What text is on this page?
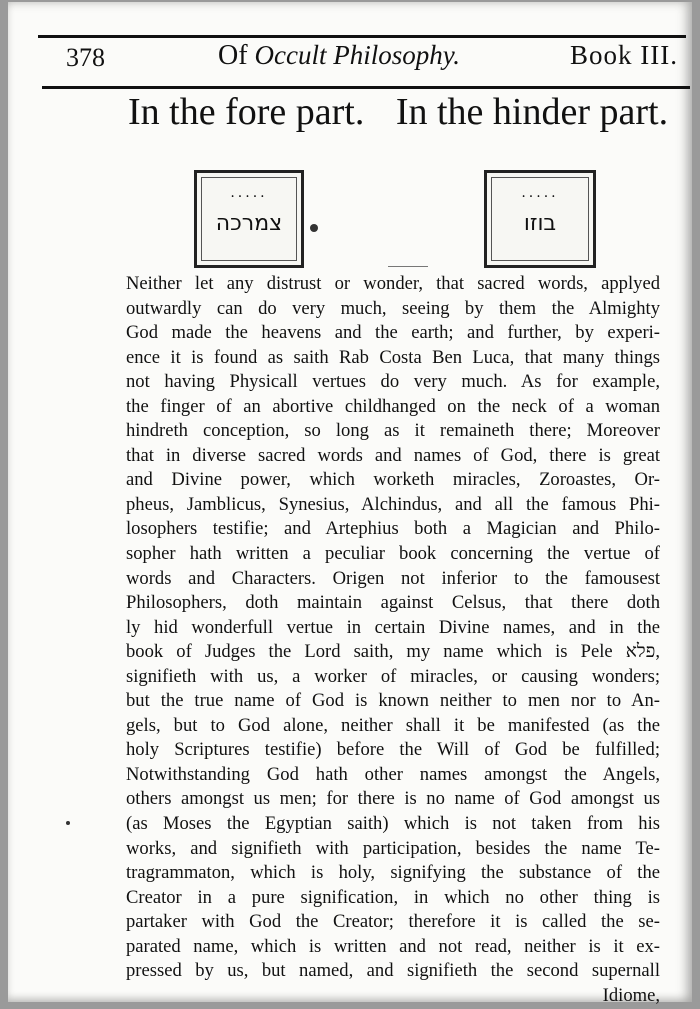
378	Of Occult Philosophy.	Book III.
In the fore part. In the hinder part.
.....
צמרכה
.....
בוזו
Neither let any distrust or wonder, that sacred words, applyed
outwardly can do very much, seeing by them the Almighty
God made the heavens and the earth; and further, by experi-
ence it is found as saith Rab Costa Ben Luca, that many things
not having Physicall vertues do very much. As for example,
the finger of an abortive childhanged on the neck of a woman
hindreth conception, so long as it remaineth there; Moreover
that in diverse sacred words and names of God, there is great
and Divine power, which worketh miracles, Zoroastes, Or-
pheus, Jamblicus, Synesius, Alchindus, and all the famous Phi-
losophers testifie; and Artephius both a Magician and Philo-
sopher hath written a peculiar book concerning the vertue of
words and Characters. Origen not inferior to the famousest
Philosophers, doth maintain against Celsus, that there doth
ly hid wonderfull vertue in certain Divine names, and in the
book of Judges the Lord saith, my name which is Pele פלא,
signifieth with us, a worker of miracles, or causing wonders;
but the true name of God is known neither to men nor to An-
gels, but to God alone, neither shall it be manifested (as the
holy Scriptures testifie) before the Will of God be fulfilled;
Notwithstanding God hath other names amongst the Angels,
others amongst us men; for there is no name of God amongst us
(as Moses the Egyptian saith) which is not taken from his
works, and signifieth with participation, besides the name Te-
tragrammaton, which is holy, signifying the substance of the
Creator in a pure signification, in which no other thing is
partaker with God the Creator; therefore it is called the se-
parated name, which is written and not read, neither is it ex-
pressed by us, but named, and signifieth the second supernall
Idiome,
